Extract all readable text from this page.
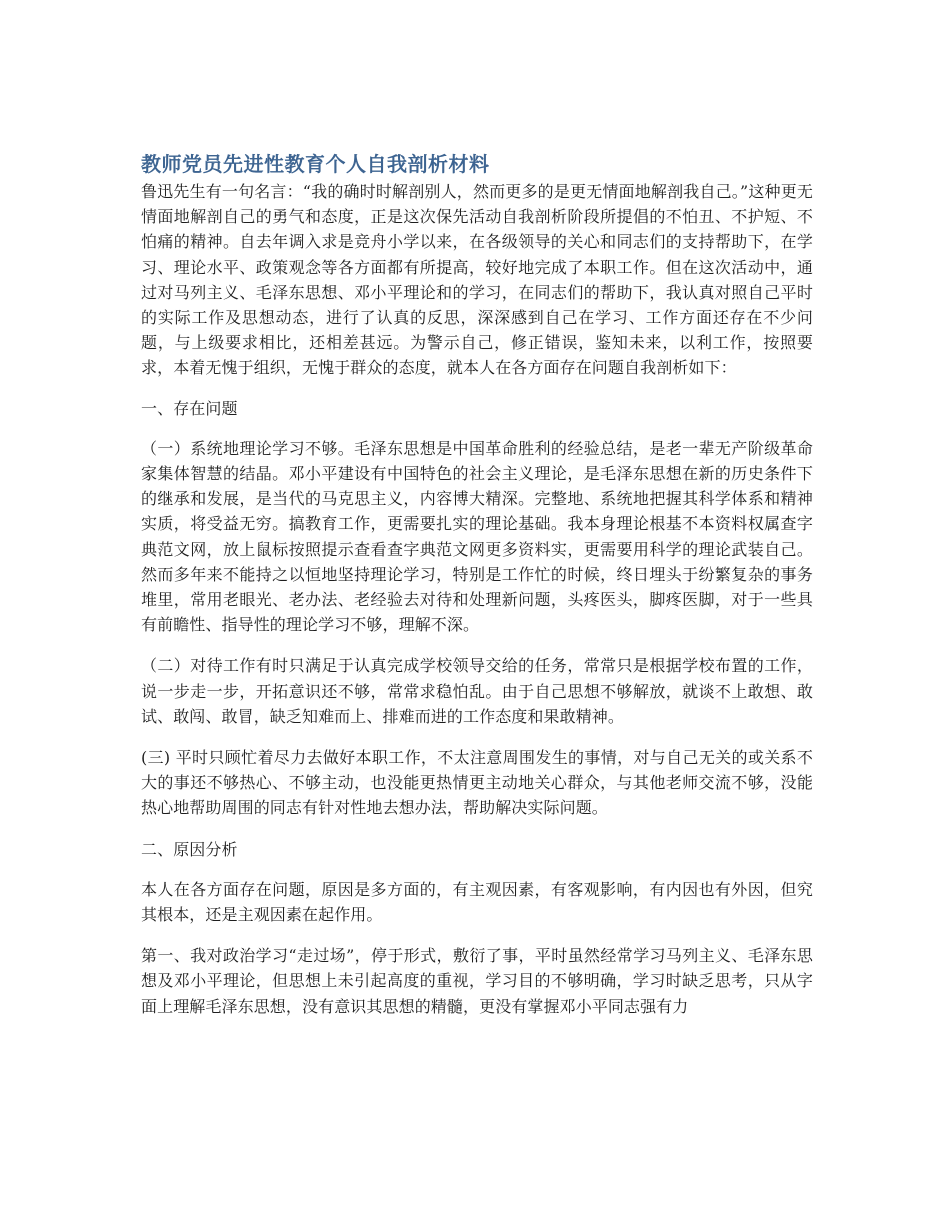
教师党员先进性教育个人自我剖析材料

鲁迅先生有一句名言：“我的确时时解剖别人，然而更多的是更无情面地解剖我自己。”这种更无情面地解剖自己的勇气和态度，正是这次保先活动自我剖析阶段所提倡的不怕丑、不护短、不怕痛的精神。自去年调入求是竞舟小学以来，在各级领导的关心和同志们的支持帮助下，在学习、理论水平、政策观念等各方面都有所提高，较好地完成了本职工作。但在这次活动中，通过对马列主义、毛泽东思想、邓小平理论和的学习，在同志们的帮助下，我认真对照自己平时的实际工作及思想动态，进行了认真的反思，深深感到自己在学习、工作方面还存在不少问题，与上级要求相比，还相差甚远。为警示自己，修正错误，鉴知未来，以利工作，按照要求，本着无愧于组织，无愧于群众的态度，就本人在各方面存在问题自我剖析如下：

一、存在问题

（一）系统地理论学习不够。毛泽东思想是中国革命胜利的经验总结，是老一辈无产阶级革命家集体智慧的结晶。邓小平建设有中国特色的社会主义理论，是毛泽东思想在新的历史条件下的继承和发展，是当代的马克思主义，内容博大精深。完整地、系统地把握其科学体系和精神实质，将受益无穷。搞教育工作，更需要扎实的理论基础。我本身理论根基不本资料权属查字典范文网，放上鼠标按照提示查看查字典范文网更多资料实，更需要用科学的理论武装自己。然而多年来不能持之以恒地坚持理论学习，特别是工作忙的时候，终日埋头于纷繁复杂的事务堆里，常用老眼光、老办法、老经验去对待和处理新问题，头疼医头，脚疼医脚，对于一些具有前瞻性、指导性的理论学习不够，理解不深。

（二）对待工作有时只满足于认真完成学校领导交给的任务，常常只是根据学校布置的工作，说一步走一步，开拓意识还不够，常常求稳怕乱。由于自己思想不够解放，就谈不上敢想、敢试、敢闯、敢冒，缺乏知难而上、排难而进的工作态度和果敢精神。

(三) 平时只顾忙着尽力去做好本职工作，不太注意周围发生的事情，对与自己无关的或关系不大的事还不够热心、不够主动，也没能更热情更主动地关心群众，与其他老师交流不够，没能热心地帮助周围的同志有针对性地去想办法，帮助解决实际问题。

二、原因分析

本人在各方面存在问题，原因是多方面的，有主观因素，有客观影响，有内因也有外因，但究其根本，还是主观因素在起作用。

第一、我对政治学习“走过场”，停于形式，敷衍了事，平时虽然经常学习马列主义、毛泽东思想及邓小平理论，但思想上未引起高度的重视，学习目的不够明确，学习时缺乏思考，只从字面上理解毛泽东思想，没有意识其思想的精髓，更没有掌握邓小平同志强有力
